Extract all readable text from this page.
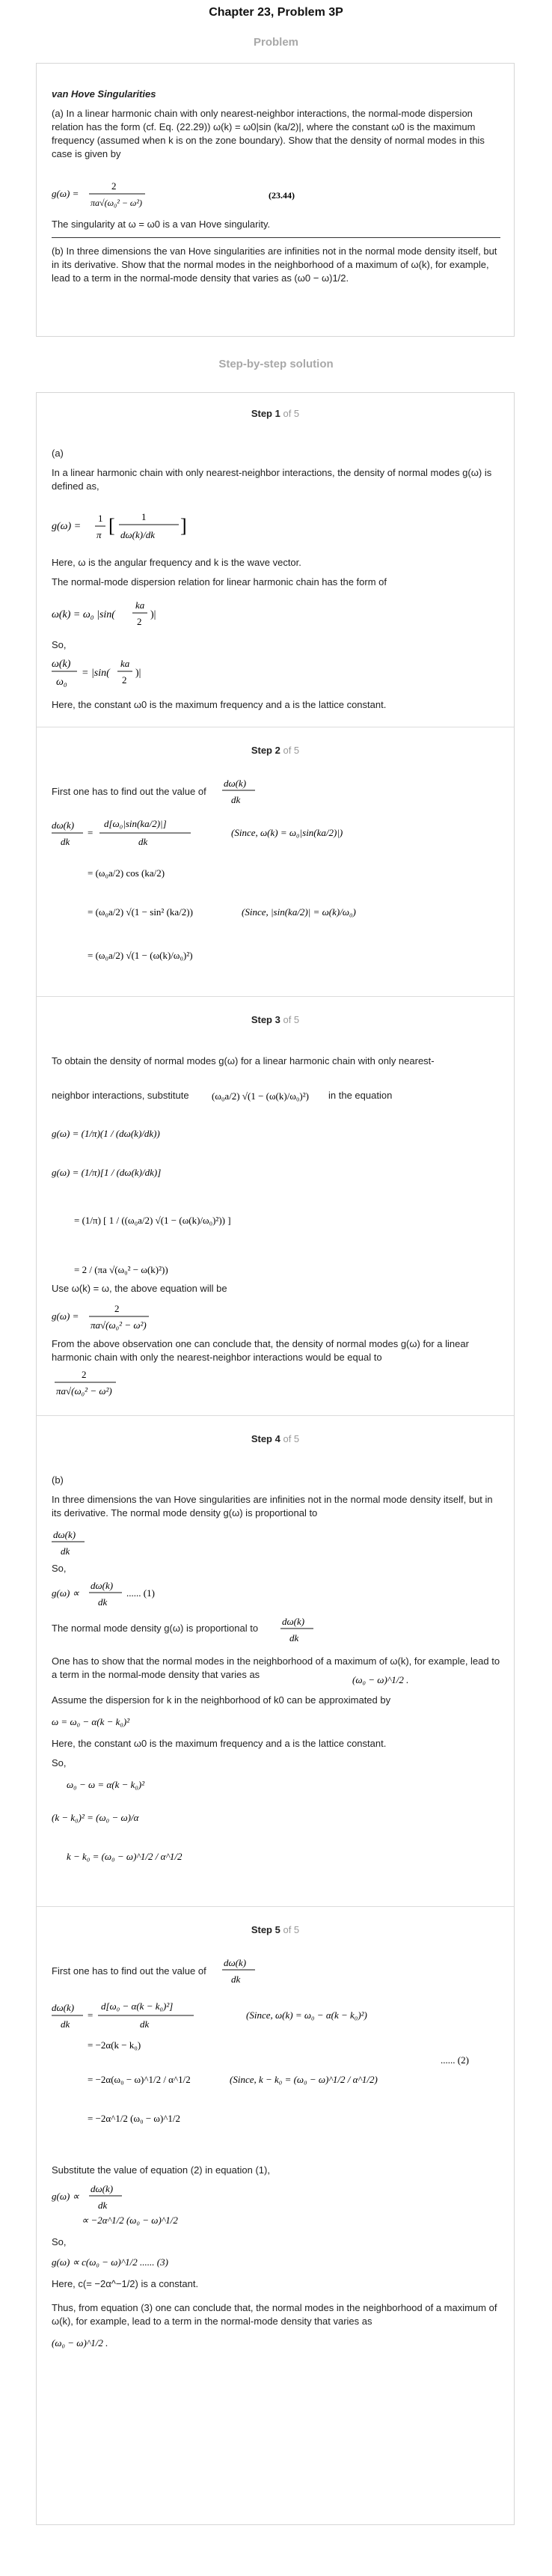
Chapter 23, Problem 3P
Problem
van Hove Singularities
(a) In a linear harmonic chain with only nearest-neighbor interactions, the normal-mode dispersion relation has the form (cf. Eq. (22.29)) ω(k) = ω0|sin (ka/2)|, where the constant ω0 is the maximum frequency (assumed when k is on the zone boundary). Show that the density of normal modes in this case is given by
g(ω) =
2
πa√(ω₀² − ω²)
(23.44)
The singularity at ω = ω0 is a van Hove singularity.
(b) In three dimensions the van Hove singularities are infinities not in the normal mode density itself, but in its derivative. Show that the normal modes in the neighborhood of a maximum of ω(k), for example, lead to a term in the normal-mode density that varies as (ω0 − ω)1/2.
Step-by-step solution
Step 1 of 5
(a)
In a linear harmonic chain with only nearest-neighbor interactions, the density of normal modes g(ω) is defined as,
g(ω) =
1
π [	1
dω(k)/dk ]
Here, ω is the angular frequency and k is the wave vector.
The normal-mode dispersion relation for linear harmonic chain has the form of
ω(k) = ω₀ |sin(
ka
2
)|
So,
ω(k)
ω₀
= |sin(
ka
2
)|
Here, the constant ω0 is the maximum frequency and a is the lattice constant.
Step 2 of 5
First one has to find out the value of
dω(k)
dk
dω(k)
dk
=
d[ω₀|sin(ka/2)|]
dk
(Since, ω(k) = ω₀|sin(ka/2)|)
= (ω₀a/2) cos (ka/2)
= (ω₀a/2) √(1 − sin² (ka/2))	(Since, |sin(ka/2)| = ω(k)/ω₀)
= (ω₀a/2) √(1 − (ω(k)/ω₀)²)
Step 3 of 5
To obtain the density of normal modes g(ω) for a linear harmonic chain with only nearest-
neighbor interactions, substitute (ω₀a/2) √(1 − (ω(k)/ω₀)²) in the equation
g(ω) = (1/π)(1 / (dω(k)/dk))
g(ω) = (1/π)[1 / (dω(k)/dk)]
= (1/π) [ 1 / ((ω₀a/2) √(1 − (ω(k)/ω₀)²)) ]
= 2 / (πa √(ω₀² − ω(k)²))
Use ω(k) = ω, the above equation will be
g(ω) =
2
πa√(ω₀² − ω²)
From the above observation one can conclude that, the density of normal modes g(ω) for a linear harmonic chain with only the nearest-neighbor interactions would be equal to
2
πa√(ω₀² − ω²)
Step 4 of 5
(b)
In three dimensions the van Hove singularities are infinities not in the normal mode density itself, but in its derivative. The normal mode density g(ω) is proportional to
dω(k)
dk
So,
g(ω) ∝
dω(k)
dk
...... (1)
The normal mode density g(ω) is proportional to
dω(k)
dk
One has to show that the normal modes in the neighborhood of a maximum of ω(k), for example, lead to a term in the normal-mode density that varies as	(ω₀ − ω)^1/2 .
Assume the dispersion for k in the neighborhood of k0 can be approximated by
ω = ω₀ − α(k − k₀)²
Here, the constant ω0 is the maximum frequency and a is the lattice constant.
So,
ω₀ − ω = α(k − k₀)²
(k − k₀)² = (ω₀ − ω)/α
k − k₀ = (ω₀ − ω)^1/2 / α^1/2
Step 5 of 5
First one has to find out the value of
dω(k)
dk
dω(k)
dk
=
d[ω₀ − α(k − k₀)²]
dk
(Since, ω(k) = ω₀ − α(k − k₀)²)
= −2α(k − k₀)
= −2α(ω₀ − ω)^1/2 / α^1/2	(Since, k − k₀ = (ω₀ − ω)^1/2 / α^1/2)
...... (2)
= −2α^1/2 (ω₀ − ω)^1/2
Substitute the value of equation (2) in equation (1),
g(ω) ∝
dω(k)
dk
∝ −2α^1/2 (ω₀ − ω)^1/2
So,
g(ω) ∝ c(ω₀ − ω)^1/2 ...... (3)
Here, c(= −2α^−1/2) is a constant.
Thus, from equation (3) one can conclude that, the normal modes in the neighborhood of a maximum of ω(k), for example, lead to a term in the normal-mode density that varies as
(ω₀ − ω)^1/2 .
